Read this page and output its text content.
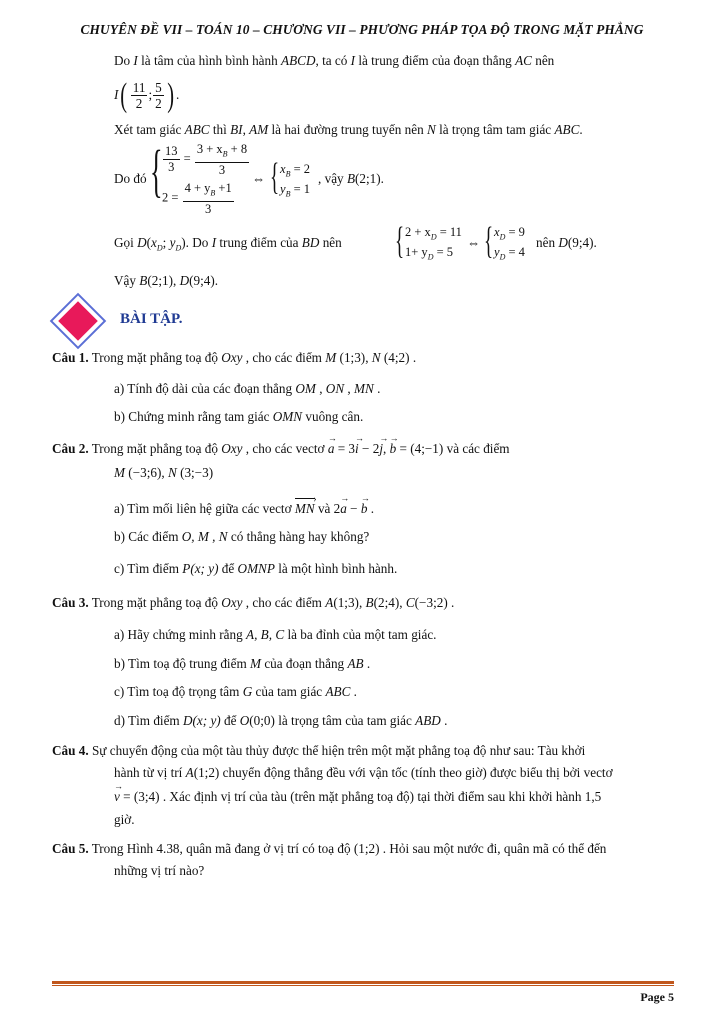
CHUYÊN ĐỀ VII – TOÁN 10 – CHƯƠNG VII – PHƯƠNG PHÁP TỌA ĐỘ TRONG MẶT PHẲNG
Do I là tâm của hình bình hành ABCD, ta có I là trung điểm của đoạn thẳng AC nên
$I( \frac{11}{2}$ ; $\frac{5}{2}$ ) .
Xét tam giác ABC thì BI, AM là hai đường trung tuyến nên N là trọng tâm tam giác ABC.
Do đó { $\frac{13}{3} = \frac{3 + x_B + 8}{3}$
$2 = \frac{4 + y_B +1}{3}$
⇔ { $x_B = 2$
$y_B = 1$
, vậy B(2;1).
Gọi $D(x_D$; $y_D$). Do I trung điểm của BD nên { $2 + x_D = 11$
$1+ y_D = 5$
⇔ { $x_D = 9$
$y_D = 4$
nên D(9;4).
Vậy B(2;1), D(9;4).
BÀI TẬP.
Câu 1. Trong mặt phẳng toạ độ Oxy , cho các điểm M (1;3), N (4;2) .
a) Tính độ dài của các đoạn thẳng OM , ON , MN .
b) Chứng minh rằng tam giác OMN vuông cân.
Câu 2. Trong mặt phẳng toạ độ Oxy , cho các vectơ → a = 3→ i − 2→ j, → b = (4;−1) và các điểm
M (−3;6), N (3;−3)
a) Tìm mối liên hệ giữa các vectơ MN › và 2→ a − → b .
b) Các điểm O, M , N có thẳng hàng hay không?
c) Tìm điểm P(x; y) để OMNP là một hình bình hành.
Câu 3. Trong mặt phẳng toạ độ Oxy , cho các điểm A(1;3), B(2;4), C(−3;2) .
a) Hãy chứng minh rằng A, B, C là ba đỉnh của một tam giác.
b) Tìm toạ độ trung điểm M của đoạn thẳng AB .
c) Tìm toạ độ trọng tâm G của tam giác ABC .
d) Tìm điểm D(x; y) để O(0;0) là trọng tâm của tam giác ABD .
Câu 4. Sự chuyển động của một tàu thủy được thể hiện trên một mặt phẳng toạ độ như sau: Tàu khởi
hành từ vị trí A(1;2) chuyển động thẳng đều với vận tốc (tính theo giờ) được biểu thị bởi vectơ
→ v = (3;4) . Xác định vị trí của tàu (trên mặt phẳng toạ độ) tại thời điểm sau khi khởi hành 1,5
giờ.
Câu 5. Trong Hình 4.38, quân mã đang ở vị trí có toạ độ (1;2) . Hỏi sau một nước đi, quân mã có thể đến
những vị trí nào?
Page 5
